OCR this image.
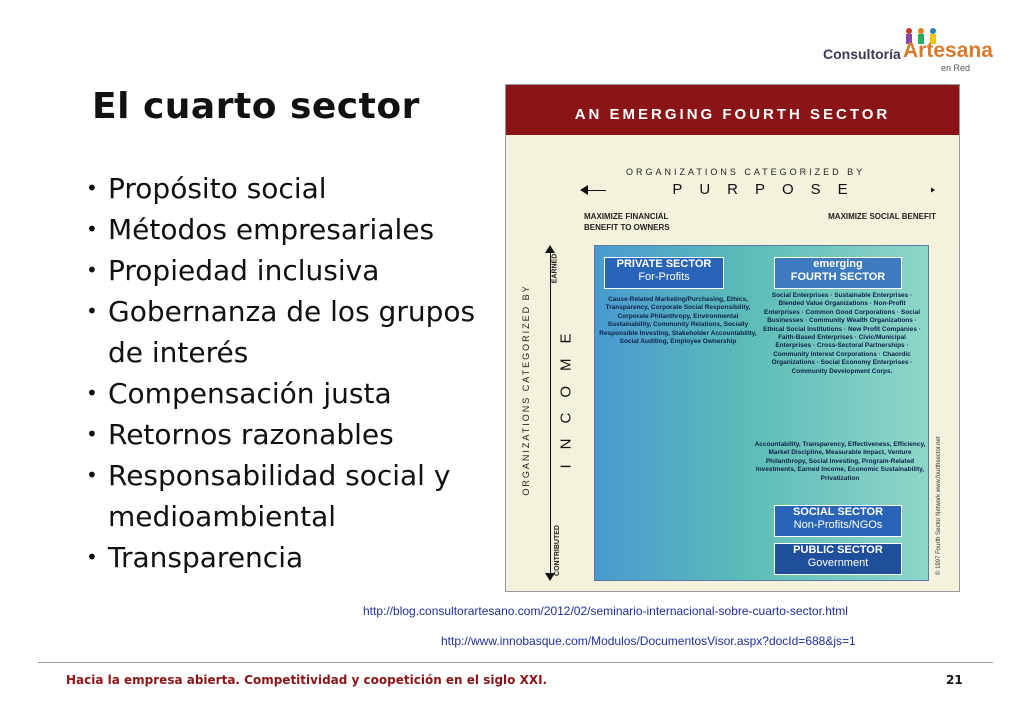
Consultoría Artesana
en Red
El cuarto sector
• Propósito social
• Métodos empresariales
• Propiedad inclusiva
• Gobernanza de los grupos de interés
• Compensación justa
• Retornos razonables
• Responsabilidad social y medioambiental
• Transparencia
AN EMERGING FOURTH SECTOR
ORGANIZATIONS CATEGORIZED BY
PURPOSE
MAXIMIZE FINANCIAL BENEFIT TO OWNERS
MAXIMIZE SOCIAL BENEFIT
EARNED
CONTRIBUTED
ORGANIZATIONS CATEGORIZED BY INCOME
PRIVATE SECTOR
For-Profits
emerging
FOURTH SECTOR
SOCIAL SECTOR
Non-Profits/NGOs
PUBLIC SECTOR
Government
Cause-Related Marketing/Purchasing, Ethics, Transparency, Corporate Social Responsibility, Corporate Philanthropy, Environmental Sustainability, Community Relations, Socially Responsible Investing, Stakeholder Accountability, Social Auditing, Employee Ownership
Social Enterprises · Sustainable Enterprises · Blended Value Organizations · Non-Profit Enterprises · Common Good Corporations · Social Businesses · Community Wealth Organizations · Ethical Social Institutions · New Profit Companies · Faith-Based Enterprises · Civic/Municipal Enterprises · Cross-Sectoral Partnerships · Community Interest Corporations · Chaordic Organizations · Social Economy Enterprises · Community Development Corps.
Accountability, Transparency, Effectiveness, Efficiency, Market Discipline, Measurable Impact, Venture Philanthropy, Social Investing, Program-Related Investments, Earned Income, Economic Sustainability, Privatization	© 1997 Fourth Sector Network www.fourthsector.net
http://blog.consultorartesano.com/2012/02/seminario-internacional-sobre-cuarto-sector.html
http://www.innobasque.com/Modulos/DocumentosVisor.aspx?docId=688&js=1
Hacia la empresa abierta. Competitividad y coopetición en el siglo XXI.	21
